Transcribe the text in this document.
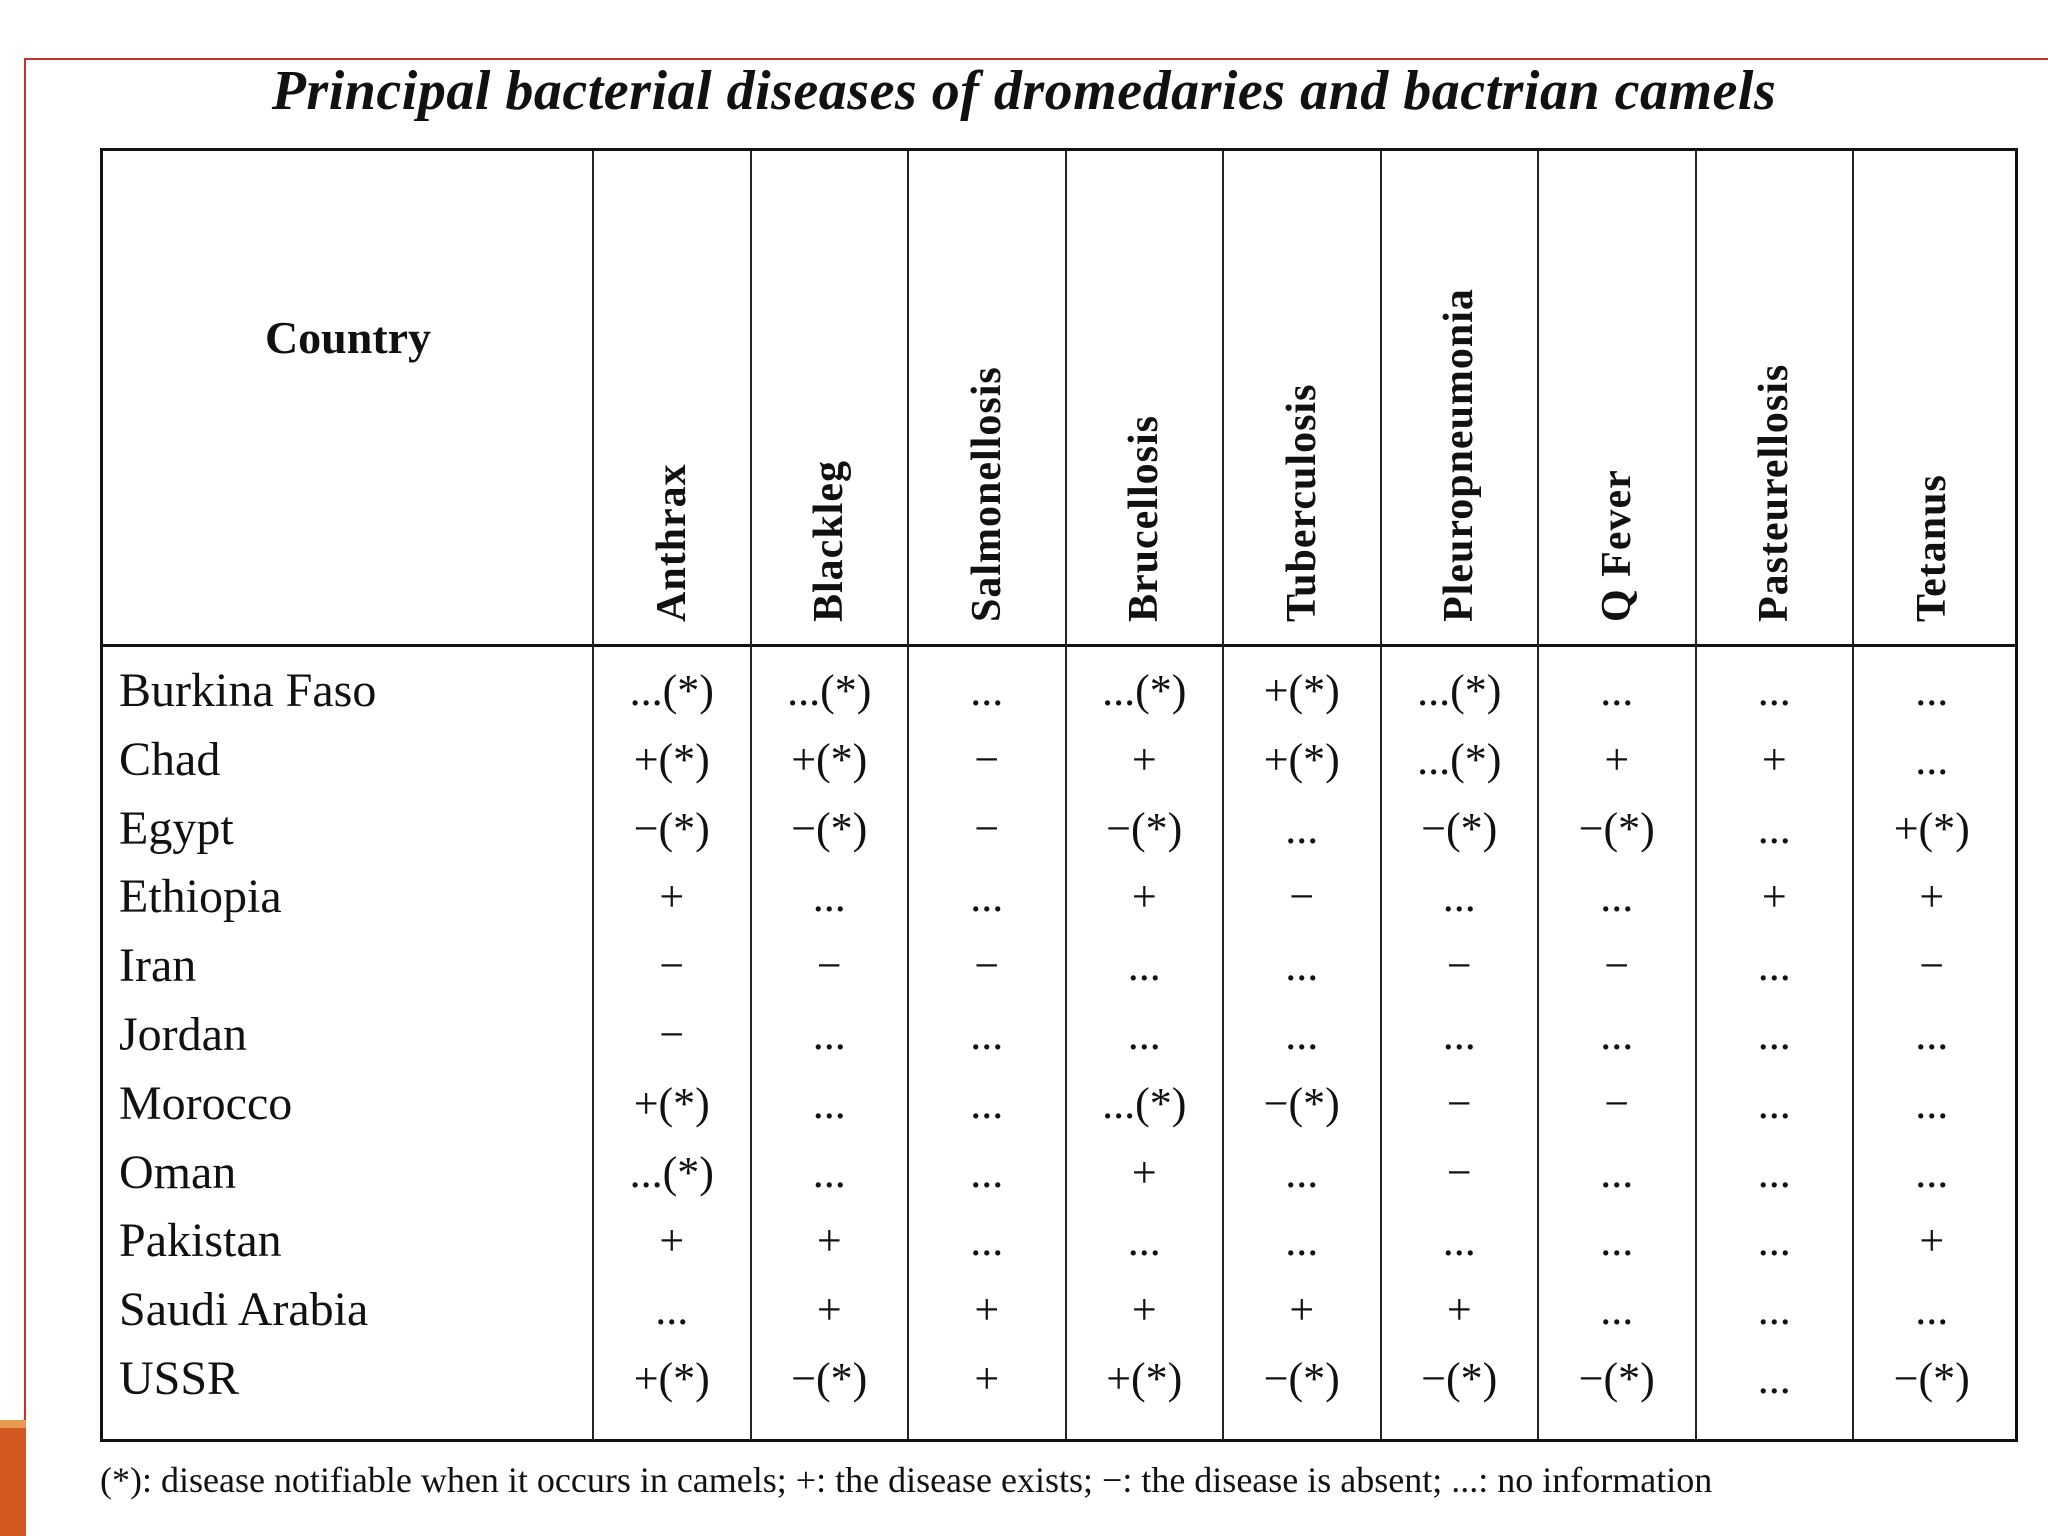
Principal bacterial diseases of dromedaries and bactrian camels
Country
Anthrax	Blackleg	Salmonellosis	Brucellosis	Tuberculosis	Pleuropneumonia	Q Fever	Pasteurellosis	Tetanus
Burkina Faso	...(*)	...(*)	...	...(*)	+(*)	...(*)	...	...	...
Chad	+(*)	+(*)	−	+	+(*)	...(*)	+	+	...
Egypt	−(*)	−(*)	−	−(*)	...	−(*)	−(*)	...	+(*)
Ethiopia	+	...	...	+	−	...	...	+	+
Iran	−	−	−	...	...	−	−	...	−
Jordan	−	...	...	...	...	...	...	...	...
Morocco	+(*)	...	...	...(*)	−(*)	−	−	...	...
Oman	...(*)	...	...	+	...	−	...	...	...
Pakistan	+	+	...	...	...	...	...	...	+
Saudi Arabia	...	+	+	+	+	+	...	...	...
USSR	+(*)	−(*)	+	+(*)	−(*)	−(*)	−(*)	...	−(*)
(*): disease notifiable when it occurs in camels; +: the disease exists; −: the disease is absent; ...: no information
